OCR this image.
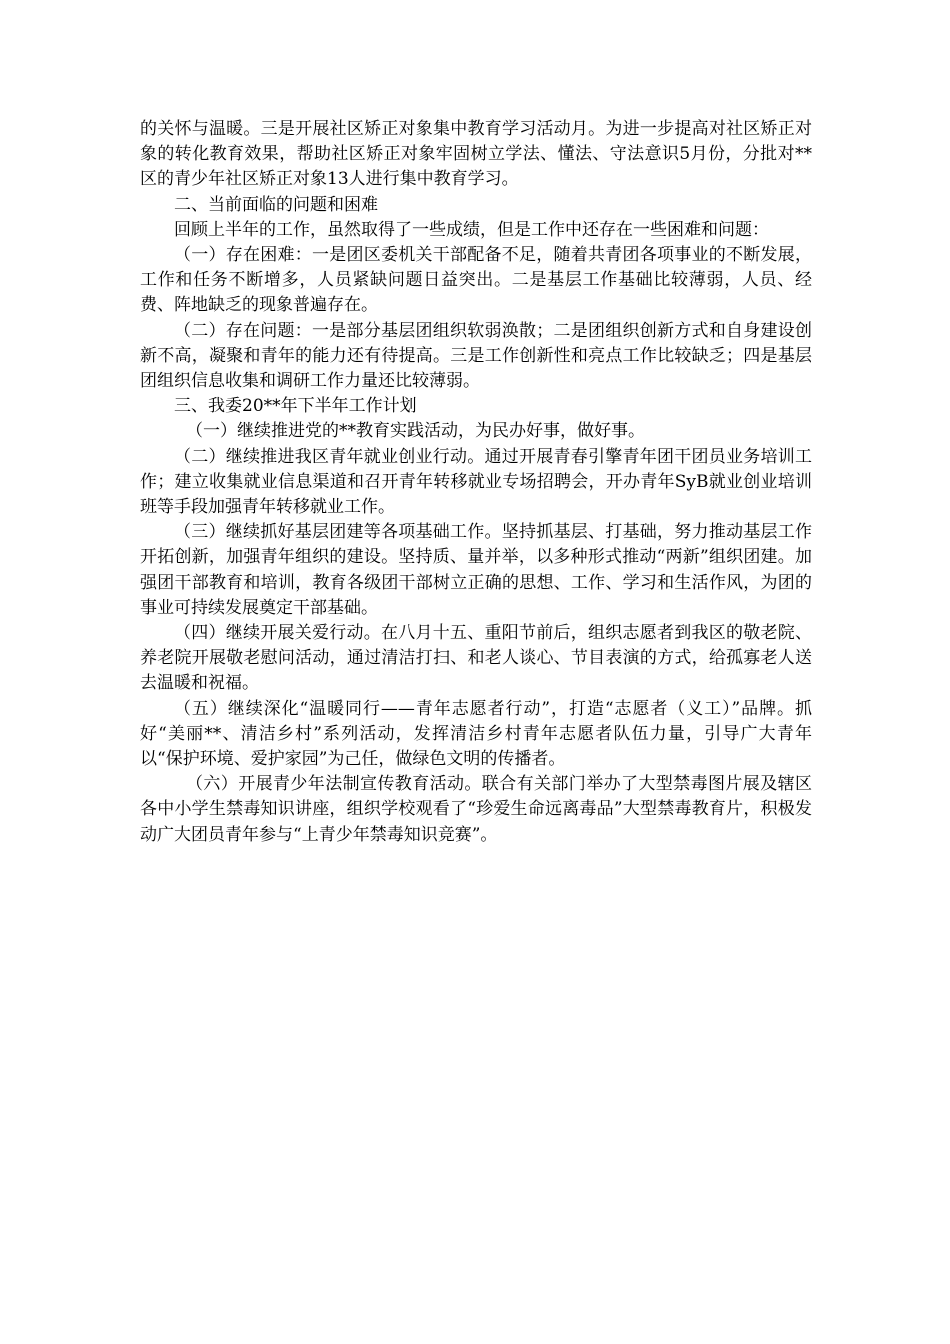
的关怀与温暖。三是开展社区矫正对象集中教育学习活动月。为进一步提高对社区矫正对象的转化教育效果，帮助社区矫正对象牢固树立学法、懂法、守法意识5月份，分批对**区的青少年社区矫正对象13人进行集中教育学习。

二、当前面临的问题和困难

回顾上半年的工作，虽然取得了一些成绩，但是工作中还存在一些困难和问题：

（一）存在困难：一是团区委机关干部配备不足，随着共青团各项事业的不断发展，工作和任务不断增多，人员紧缺问题日益突出。二是基层工作基础比较薄弱，人员、经费、阵地缺乏的现象普遍存在。

（二）存在问题：一是部分基层团组织软弱涣散；二是团组织创新方式和自身建设创新不高，凝聚和青年的能力还有待提高。三是工作创新性和亮点工作比较缺乏；四是基层团组织信息收集和调研工作力量还比较薄弱。

三、我委20**年下半年工作计划

（一）继续推进党的**教育实践活动，为民办好事，做好事。

（二）继续推进我区青年就业创业行动。通过开展青春引擎青年团干团员业务培训工作；建立收集就业信息渠道和召开青年转移就业专场招聘会，开办青年SyB就业创业培训班等手段加强青年转移就业工作。

（三）继续抓好基层团建等各项基础工作。坚持抓基层、打基础，努力推动基层工作开拓创新，加强青年组织的建设。坚持质、量并举，以多种形式推动“两新”组织团建。加强团干部教育和培训，教育各级团干部树立正确的思想、工作、学习和生活作风，为团的事业可持续发展奠定干部基础。

（四）继续开展关爱行动。在八月十五、重阳节前后，组织志愿者到我区的敬老院、养老院开展敬老慰问活动，通过清洁打扫、和老人谈心、节目表演的方式，给孤寡老人送去温暖和祝福。

（五）继续深化“温暖同行——青年志愿者行动”，打造“志愿者（义工）”品牌。抓好“美丽**、清洁乡村”系列活动，发挥清洁乡村青年志愿者队伍力量，引导广大青年以“保护环境、爱护家园”为己任，做绿色文明的传播者。

（六）开展青少年法制宣传教育活动。联合有关部门举办了大型禁毒图片展及辖区各中小学生禁毒知识讲座，组织学校观看了“珍爱生命远离毒品”大型禁毒教育片，积极发动广大团员青年参与“上青少年禁毒知识竞赛”。
